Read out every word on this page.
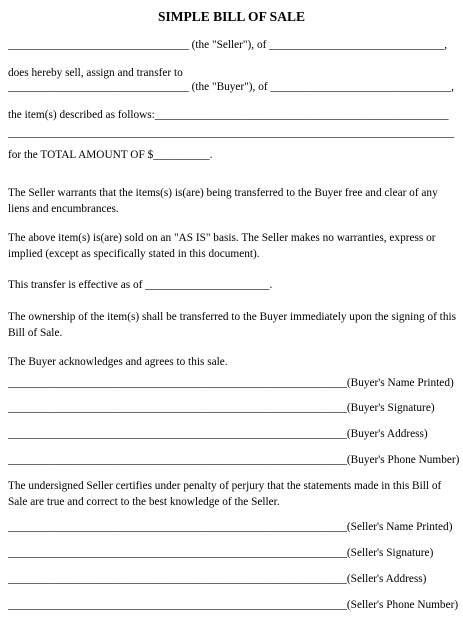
SIMPLE BILL OF SALE
________________________________ (the "Seller"), of _______________________________,
does hereby sell, assign and transfer to
________________________________ (the "Buyer"), of ________________________________,
the item(s) described as follows:____________________________________________________
_______________________________________________________________________________
for the TOTAL AMOUNT OF $__________.
The Seller warrants that the items(s) is(are) being transferred to the Buyer free and clear of any liens and encumbrances.
The above item(s) is(are) sold on an "AS IS" basis. The Seller makes no warranties, express or implied (except as specifically stated in this document).
This transfer is effective as of ______________________.
The ownership of the item(s) shall be transferred to the Buyer immediately upon the signing of this Bill of Sale.
The Buyer acknowledges and agrees to this sale.
____________________________________________________________(Buyer's Name Printed)
____________________________________________________________(Buyer's Signature)
____________________________________________________________(Buyer's Address)
____________________________________________________________(Buyer's Phone Number)
The undersigned Seller certifies under penalty of perjury that the statements made in this Bill of Sale are true and correct to the best knowledge of the Seller.
____________________________________________________________(Seller's Name Printed)
____________________________________________________________(Seller's Signature)
____________________________________________________________(Seller's Address)
____________________________________________________________(Seller's Phone Number)
